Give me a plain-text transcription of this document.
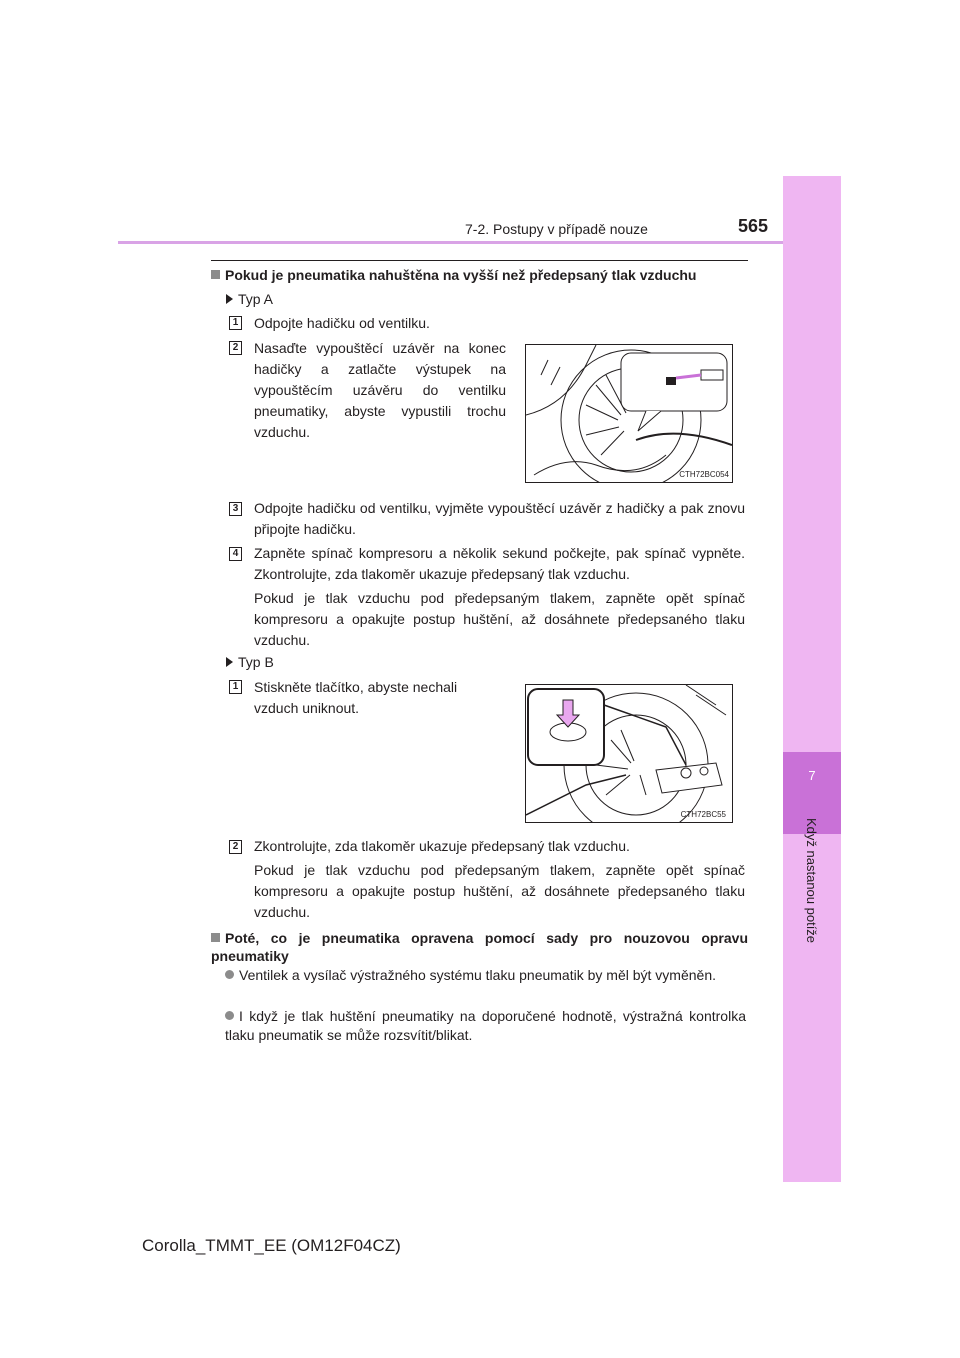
7
Když nastanou potíže
7-2. Postupy v případě nouze	565
Pokud je pneumatika nahuštěna na vyšší než předepsaný tlak vzduchu
Typ A
1 Odpojte hadičku od ventilku.
2 Nasaďte vypouštěcí uzávěr na konec hadičky a zatlačte výstupek na vypouštěcím uzávěru do ventilku pneumatiky, abyste vypustili trochu vzduchu.
CTH72BC054
3 Odpojte hadičku od ventilku, vyjměte vypouštěcí uzávěr z hadičky a pak znovu připojte hadičku.
4 Zapněte spínač kompresoru a několik sekund počkejte, pak spínač vypněte. Zkontrolujte, zda tlakoměr ukazuje předepsaný tlak vzduchu.
Pokud je tlak vzduchu pod předepsaným tlakem, zapněte opět spínač kompresoru a opakujte postup huštění, až dosáhnete předepsaného tlaku vzduchu.
Typ B
1 Stiskněte tlačítko, abyste nechali vzduch uniknout.
CTH72BC55
2 Zkontrolujte, zda tlakoměr ukazuje předepsaný tlak vzduchu.
Pokud je tlak vzduchu pod předepsaným tlakem, zapněte opět spínač kompresoru a opakujte postup huštění, až dosáhnete předepsaného tlaku vzduchu.
Poté, co je pneumatika opravena pomocí sady pro nouzovou opravu pneumatiky
Ventilek a vysílač výstražného systému tlaku pneumatik by měl být vyměněn.
I když je tlak huštění pneumatiky na doporučené hodnotě, výstražná kontrolka tlaku pneumatik se může rozsvítit/blikat.
Corolla_TMMT_EE (OM12F04CZ)
